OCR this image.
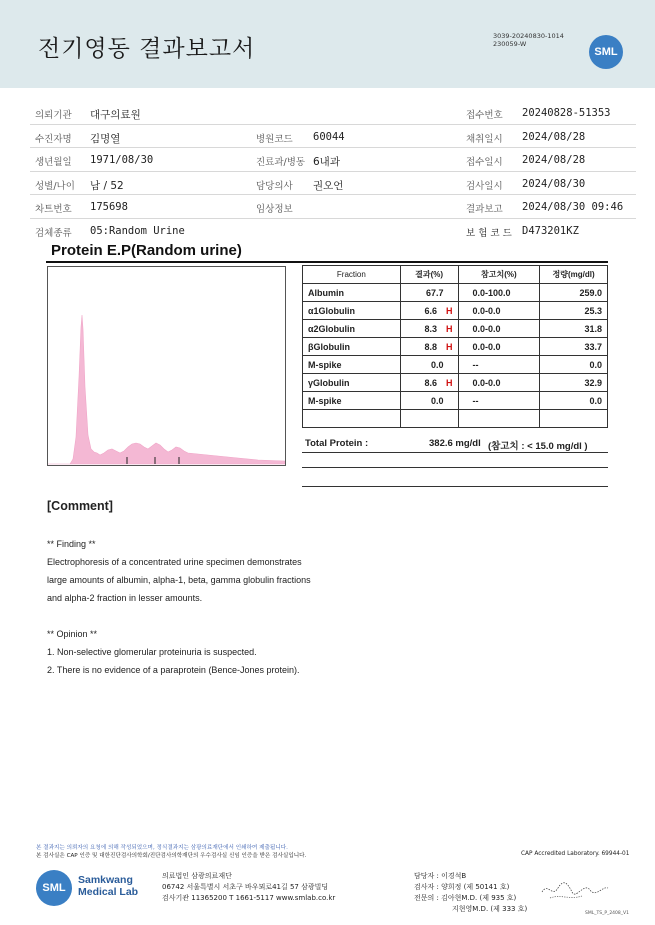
전기영동 결과보고서	3039-20240830-1014
230059-W
SML
의뢰기관 대구의료원	접수번호 20240828-51353
수진자명 김명열	병원코드 60044	채취일시 2024/08/28
생년월일 1971/08/30	진료과/병동 6내과	접수일시 2024/08/28
성별/나이 남 / 52	담당의사 권오언	검사일시 2024/08/30
차트번호 175698	임상정보	결과보고 2024/08/30 09:46
검체종류 05:Random Urine	보 험 코 드 D473201KZ
Protein E.P(Random urine)
Fraction	결과(%)	참고치(%)	정량(mg/dl)
Albumin	67.7	0.0-100.0	259.0
α1Globulin	6.6 H	0.0-0.0	25.3
α2Globulin	8.3 H	0.0-0.0	31.8
βGlobulin	8.8 H	0.0-0.0	33.7
M-spike	0.0	--	0.0
γGlobulin	8.6 H	0.0-0.0	32.9
M-spike	0.0	--	0.0

Total Protein :	382.6 mg/dl (참고치 : < 15.0 mg/dl )
[Comment]
** Finding **
Electrophoresis of a concentrated urine specimen demonstrates
large amounts of albumin, alpha-1, beta, gamma globulin fractions
and alpha-2 fraction in lesser amounts.
** Opinion **
1. Non-selective glomerular proteinuria is suspected.
2. There is no evidence of a paraprotein (Bence-Jones protein).
본 결과지는 의뢰자의 요청에 의해 작성되었으며, 정식결과지는 삼광의료재단에서 인쇄하여 제출됩니다.
본 검사실은 CAP 인증 및 대한진단검사의학회/진단검사의학재단의 우수검사실 신임 인증을 받은 검사실입니다.	CAP Accredited Laboratory. 69944-01
SML
Samkwang
Medical Lab
의료법인 삼광의료재단
06742 서울특별시 서초구 바우뫼로41길 57 삼광빌딩
검사기관 11365200 T 1661-5117 www.smlab.co.kr
담당자 : 이경석B
검사자 : 양희정 (제 50141 호)
전문의 : 김아현M.D. (제 935 호)
지현영M.D. (제 333 호)
SML_TS_P_2408_V1
